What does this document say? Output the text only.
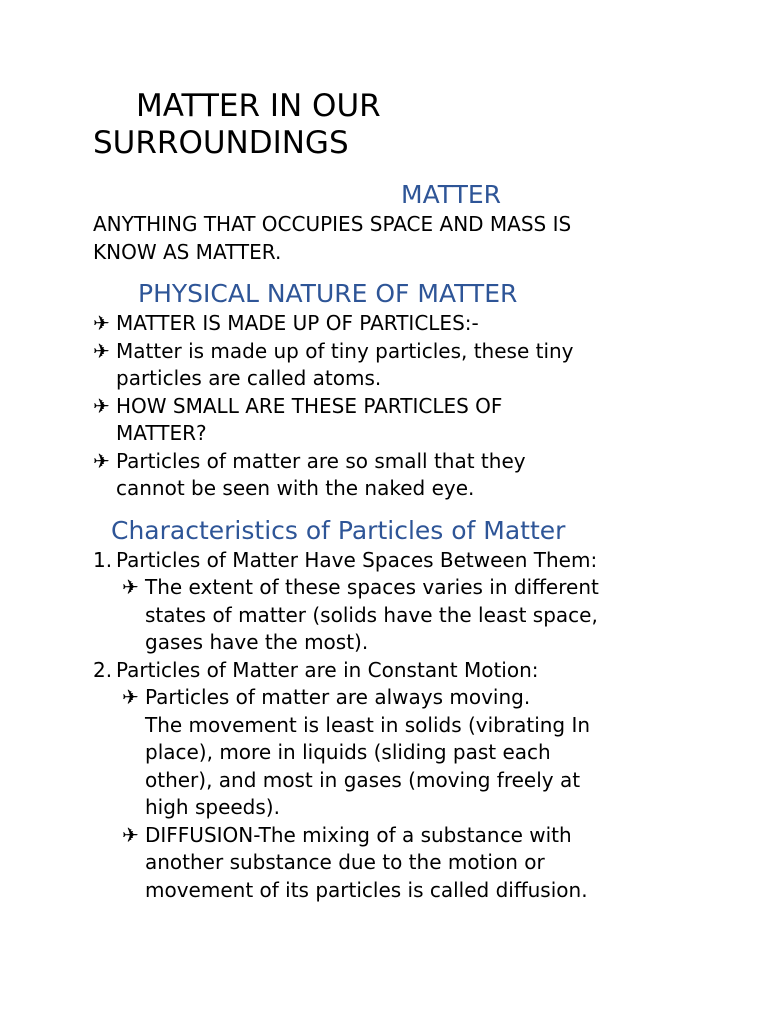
MATTER IN OUR
SURROUNDINGS
MATTER

ANYTHING THAT OCCUPIES SPACE AND MASS IS
KNOW AS MATTER.

PHYSICAL NATURE OF MATTER
✈ MATTER IS MADE UP OF PARTICLES:-
✈ Matter is made up of tiny particles, these tiny
particles are called atoms.
✈ HOW SMALL ARE THESE PARTICLES OF
MATTER?
✈ Particles of matter are so small that they
cannot be seen with the naked eye.
Characteristics of Particles of Matter
1. Particles of Matter Have Spaces Between Them:
✈ The extent of these spaces varies in different
states of matter (solids have the least space,
gases have the most).
2. Particles of Matter are in Constant Motion:
✈ Particles of matter are always moving.
The movement is least in solids (vibrating In
place), more in liquids (sliding past each
other), and most in gases (moving freely at
high speeds).
✈ DIFFUSION-The mixing of a substance with
another substance due to the motion or
movement of its particles is called diffusion.
